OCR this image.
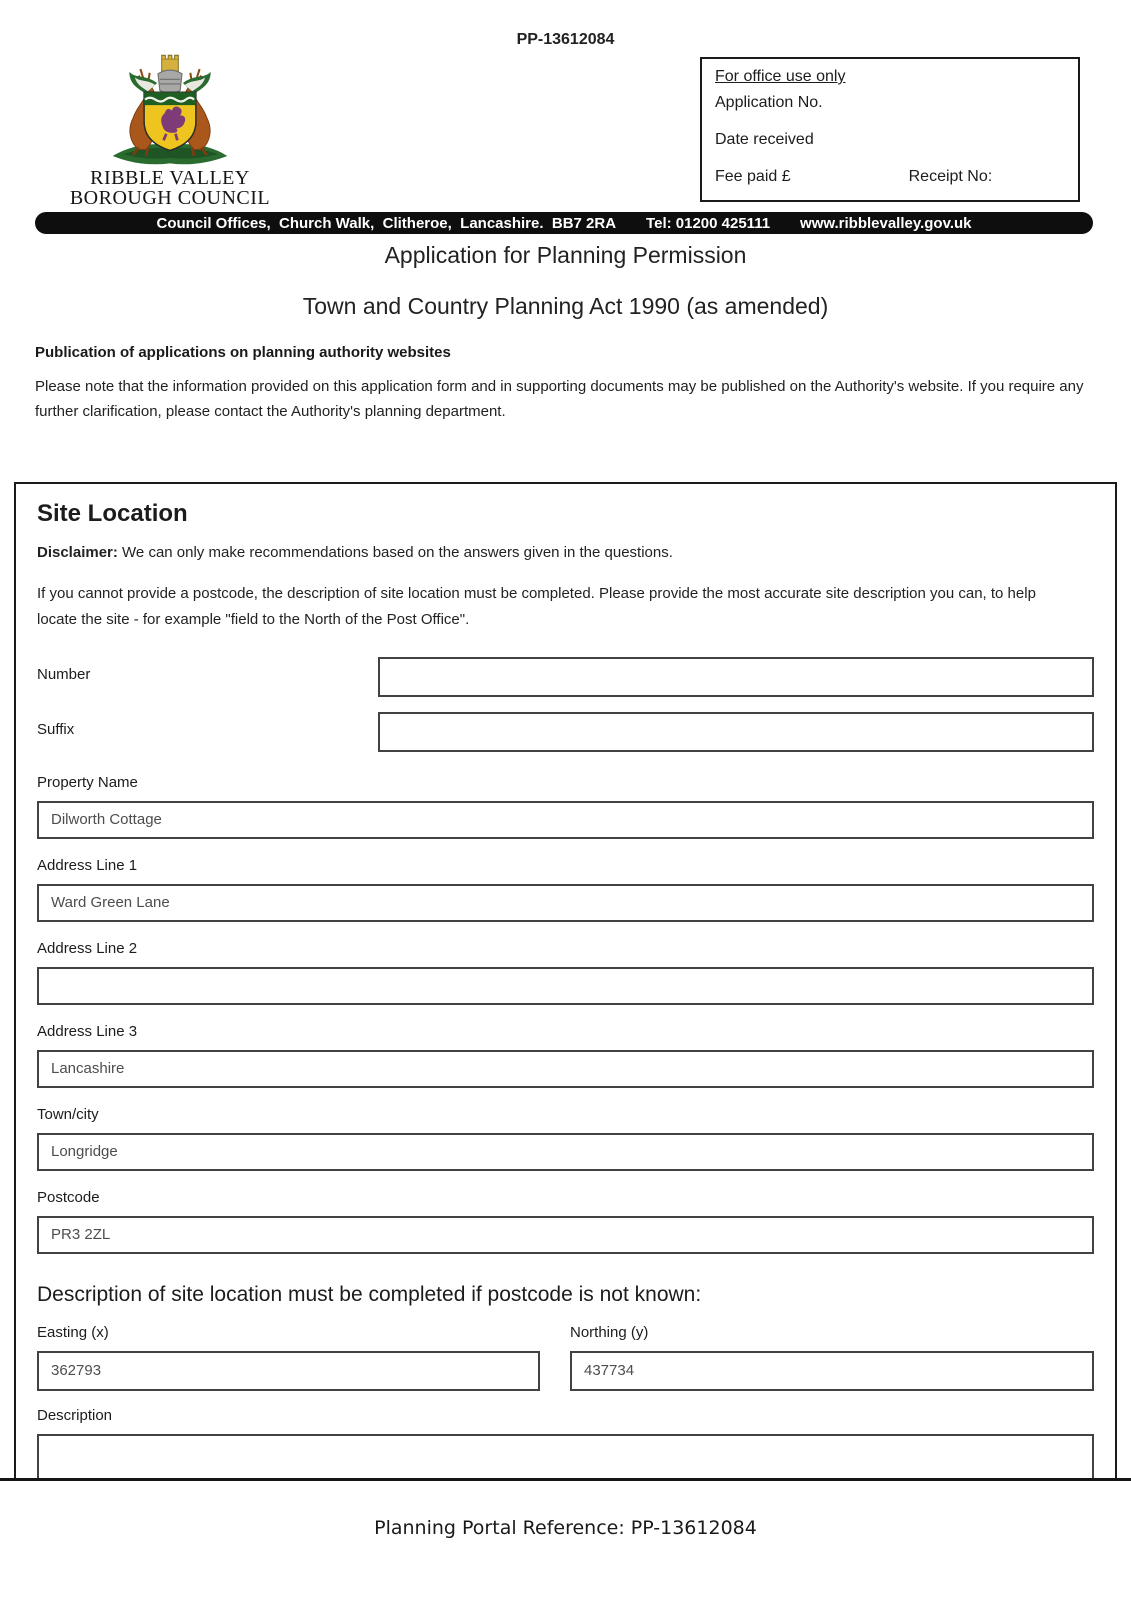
PP-13612084
RIBBLE VALLEY
BOROUGH COUNCIL
For office use only
Application No.
Date received
Fee paid £	Receipt No:
Council Offices,  Church Walk,  Clitheroe,  Lancashire.  BB7 2RA Tel: 01200 425111 www.ribblevalley.gov.uk
Application for Planning Permission
Town and Country Planning Act 1990 (as amended)
Publication of applications on planning authority websites
Please note that the information provided on this application form and in supporting documents may be published on the Authority's website. If you require any further clarification, please contact the Authority's planning department.
Site Location
Disclaimer: We can only make recommendations based on the answers given in the questions.
If you cannot provide a postcode, the description of site location must be completed. Please provide the most accurate site description you can, to help locate the site - for example "field to the North of the Post Office".
Number
Suffix
Property Name
Dilworth Cottage
Address Line 1
Ward Green Lane
Address Line 2
Address Line 3
Lancashire
Town/city
Longridge
Postcode
PR3 2ZL
Description of site location must be completed if postcode is not known:
Easting (x)
362793	Northing (y)
437734
Description
Planning Portal Reference: PP-13612084
